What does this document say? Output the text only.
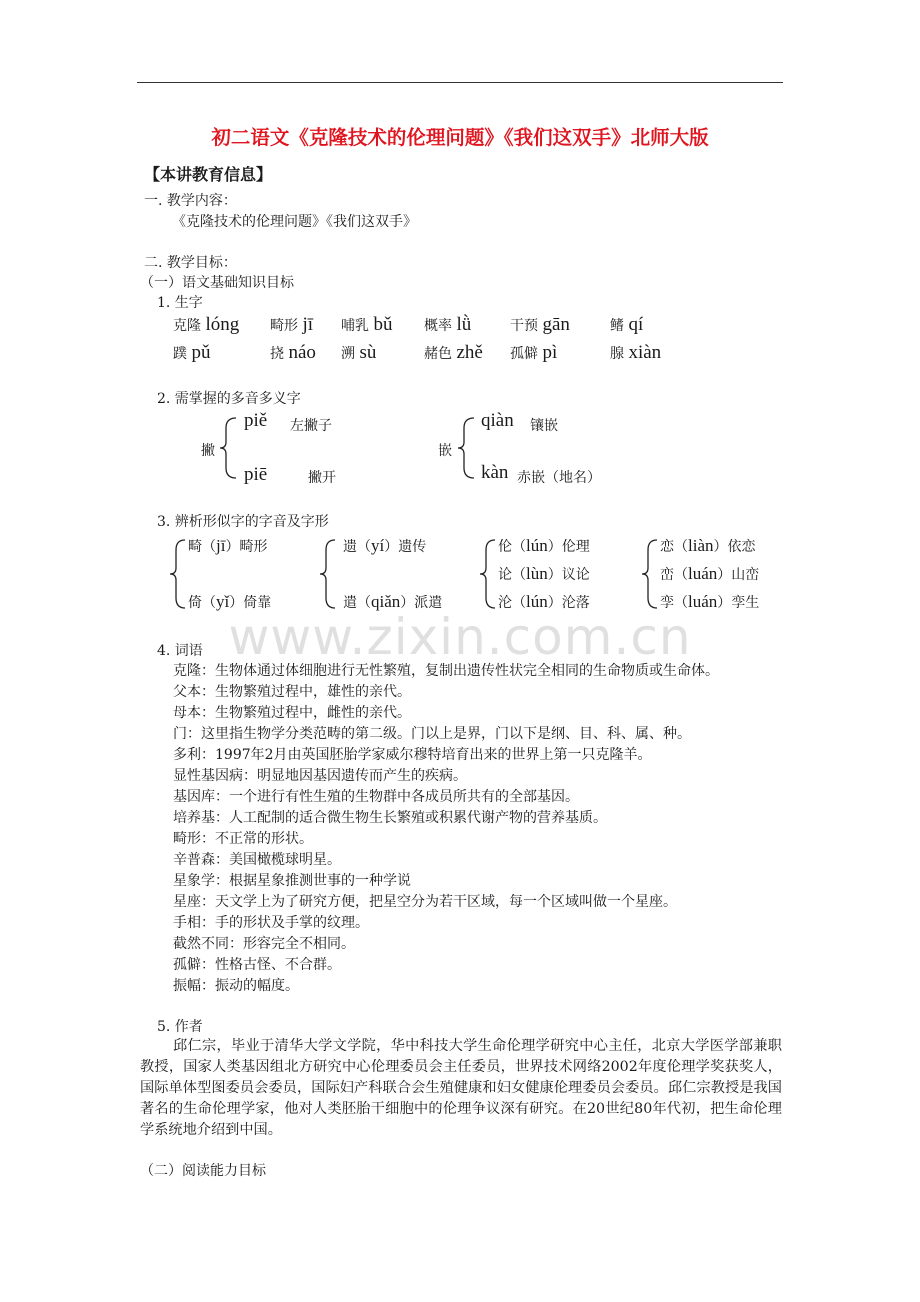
初二语文《克隆技术的伦理问题》《我们这双手》北师大版
【本讲教育信息】
一. 教学内容：
《克隆技术的伦理问题》《我们这双手》
二. 教学目标：
（一）语文基础知识目标
1. 生字
克隆 lóng 畸形 jī 哺乳 bǔ 概率 lǜ	干预 gān	鳍 qí
蹼 pǔ	挠 náo 溯 sù	赭色 zhě 孤僻 pì	腺 xiàn
2. 需掌握的多音多义字
撇
piě 左撇子
piē	撇开
嵌
qiàn 镶嵌
kàn 赤嵌（地名）
3. 辨析形似字的字音及字形
畸（jī）畸形
倚（yǐ）倚靠
遗（yí）遗传
遣（qiǎn）派遣
伦（lún）伦理
论（lùn）议论
沦（lún）沦落
恋（liàn）依恋
峦（luán）山峦
孪（luán）孪生
www.zixin.com.cn
4. 词语
克隆：生物体通过体细胞进行无性繁殖，复制出遗传性状完全相同的生命物质或生命体。
父本：生物繁殖过程中，雄性的亲代。
母本：生物繁殖过程中，雌性的亲代。
门：这里指生物学分类范畴的第二级。门以上是界，门以下是纲、目、科、属、种。
多利：1997年2月由英国胚胎学家威尔穆特培育出来的世界上第一只克隆羊。
显性基因病：明显地因基因遗传而产生的疾病。
基因库：一个进行有性生殖的生物群中各成员所共有的全部基因。
培养基：人工配制的适合微生物生长繁殖或积累代谢产物的营养基质。
畸形：不正常的形状。
辛普森：美国橄榄球明星。
星象学：根据星象推测世事的一种学说
星座：天文学上为了研究方便，把星空分为若干区域，每一个区域叫做一个星座。
手相：手的形状及手掌的纹理。
截然不同：形容完全不相同。
孤僻：性格古怪、不合群。
振幅：振动的幅度。
5. 作者
邱仁宗，毕业于清华大学文学院，华中科技大学生命伦理学研究中心主任，北京大学医学部兼职教授，国家人类基因组北方研究中心伦理委员会主任委员，世界技术网络2002年度伦理学奖获奖人，国际单体型图委员会委员，国际妇产科联合会生殖健康和妇女健康伦理委员会委员。邱仁宗教授是我国著名的生命伦理学家，他对人类胚胎干细胞中的伦理争议深有研究。在20世纪80年代初，把生命伦理学系统地介绍到中国。
（二）阅读能力目标
